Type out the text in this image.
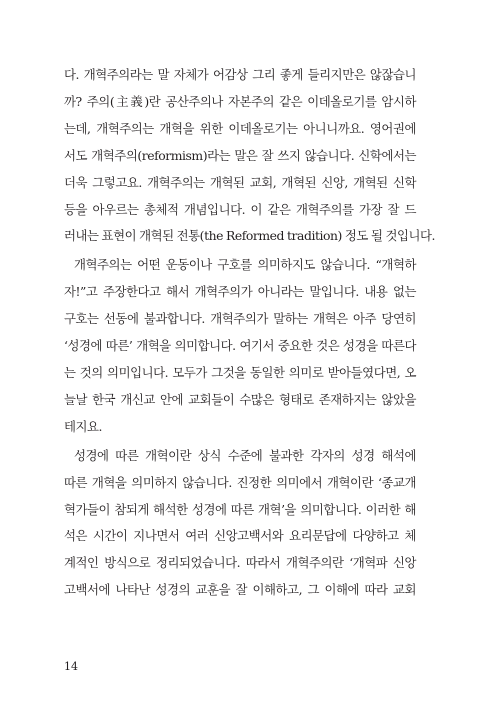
다. 개혁주의라는 말 자체가 어감상 그리 좋게 들리지만은 않잖습니
까? 주의(主義)란 공산주의나 자본주의 같은 이데올로기를 암시하
는데, 개혁주의는 개혁을 위한 이데올로기는 아니니까요. 영어권에
서도 개혁주의(reformism)라는 말은 잘 쓰지 않습니다. 신학에서는
더욱 그렇고요. 개혁주의는 개혁된 교회, 개혁된 신앙, 개혁된 신학
등을 아우르는 총체적 개념입니다. 이 같은 개혁주의를 가장 잘 드
러내는 표현이 개혁된 전통(the Reformed tradition) 정도 될 것입니다.
개혁주의는 어떤 운동이나 구호를 의미하지도 않습니다. “개혁하
자!”고 주장한다고 해서 개혁주의가 아니라는 말입니다. 내용 없는
구호는 선동에 불과합니다. 개혁주의가 말하는 개혁은 아주 당연히
‘성경에 따른’ 개혁을 의미합니다. 여기서 중요한 것은 성경을 따른다
는 것의 의미입니다. 모두가 그것을 동일한 의미로 받아들였다면, 오
늘날 한국 개신교 안에 교회들이 수많은 형태로 존재하지는 않았을
테지요.
성경에 따른 개혁이란 상식 수준에 불과한 각자의 성경 해석에
따른 개혁을 의미하지 않습니다. 진정한 의미에서 개혁이란 ‘종교개
혁가들이 참되게 해석한 성경에 따른 개혁’을 의미합니다. 이러한 해
석은 시간이 지나면서 여러 신앙고백서와 요리문답에 다양하고 체
계적인 방식으로 정리되었습니다. 따라서 개혁주의란 ‘개혁파 신앙
고백서에 나타난 성경의 교훈을 잘 이해하고, 그 이해에 따라 교회
14
